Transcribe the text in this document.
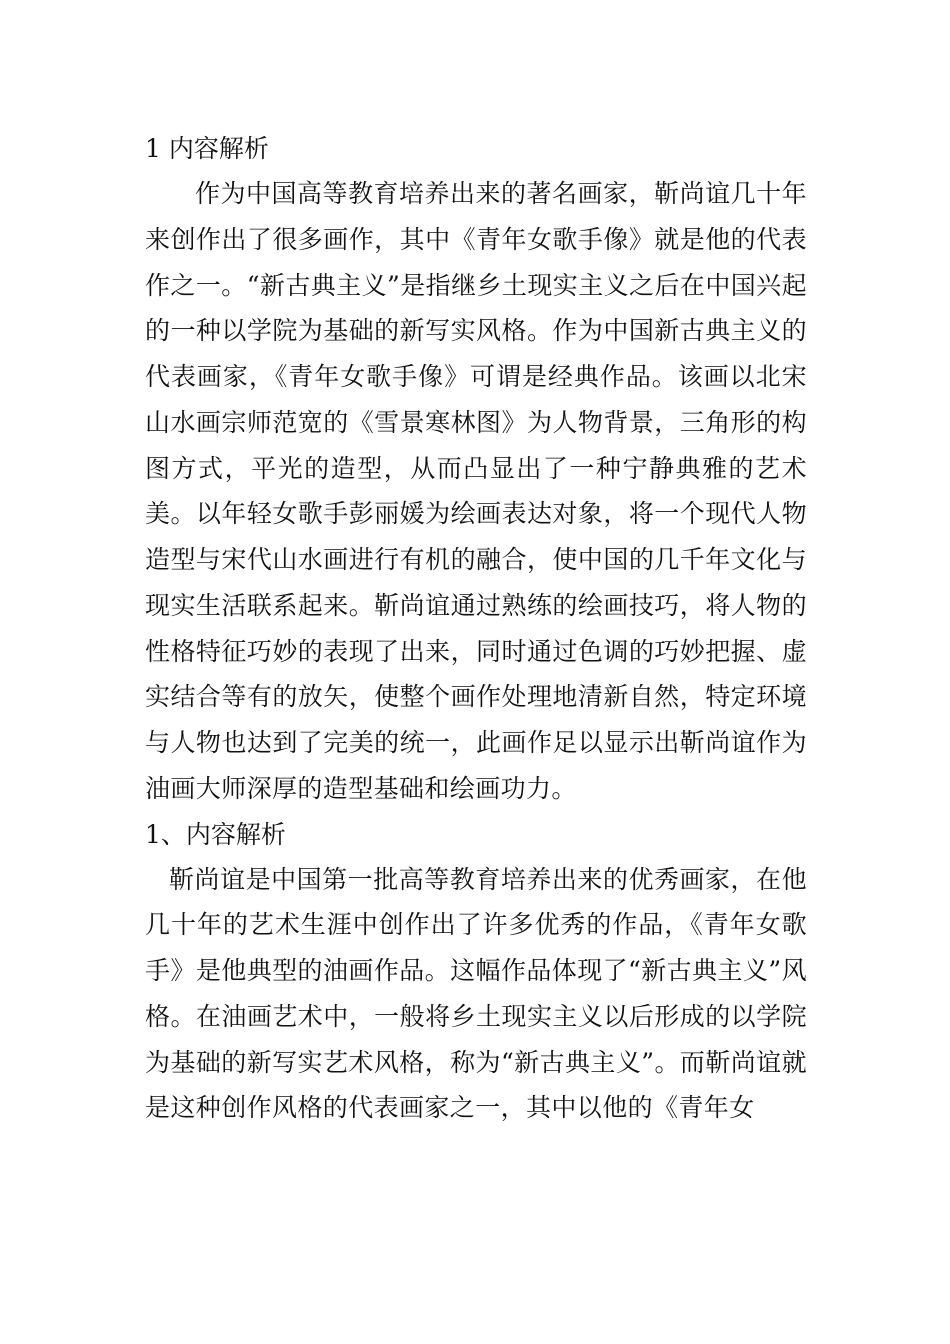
1 内容解析

作为中国高等教育培养出来的著名画家，靳尚谊几十年来创作出了很多画作，其中《青年女歌手像》就是他的代表作之一。“新古典主义”是指继乡土现实主义之后在中国兴起的一种以学院为基础的新写实风格。作为中国新古典主义的代表画家，《青年女歌手像》可谓是经典作品。该画以北宋山水画宗师范宽的《雪景寒林图》为人物背景，三角形的构图方式，平光的造型，从而凸显出了一种宁静典雅的艺术美。以年轻女歌手彭丽媛为绘画表达对象，将一个现代人物造型与宋代山水画进行有机的融合，使中国的几千年文化与现实生活联系起来。靳尚谊通过熟练的绘画技巧，将人物的性格特征巧妙的表现了出来，同时通过色调的巧妙把握、虚实结合等有的放矢，使整个画作处理地清新自然，特定环境与人物也达到了完美的统一，此画作足以显示出靳尚谊作为油画大师深厚的造型基础和绘画功力。

1、内容解析

靳尚谊是中国第一批高等教育培养出来的优秀画家，在他几十年的艺术生涯中创作出了许多优秀的作品，《青年女歌手》是他典型的油画作品。这幅作品体现了“新古典主义”风格。在油画艺术中，一般将乡土现实主义以后形成的以学院为基础的新写实艺术风格，称为“新古典主义”。而靳尚谊就是这种创作风格的代表画家之一，其中以他的《青年女
